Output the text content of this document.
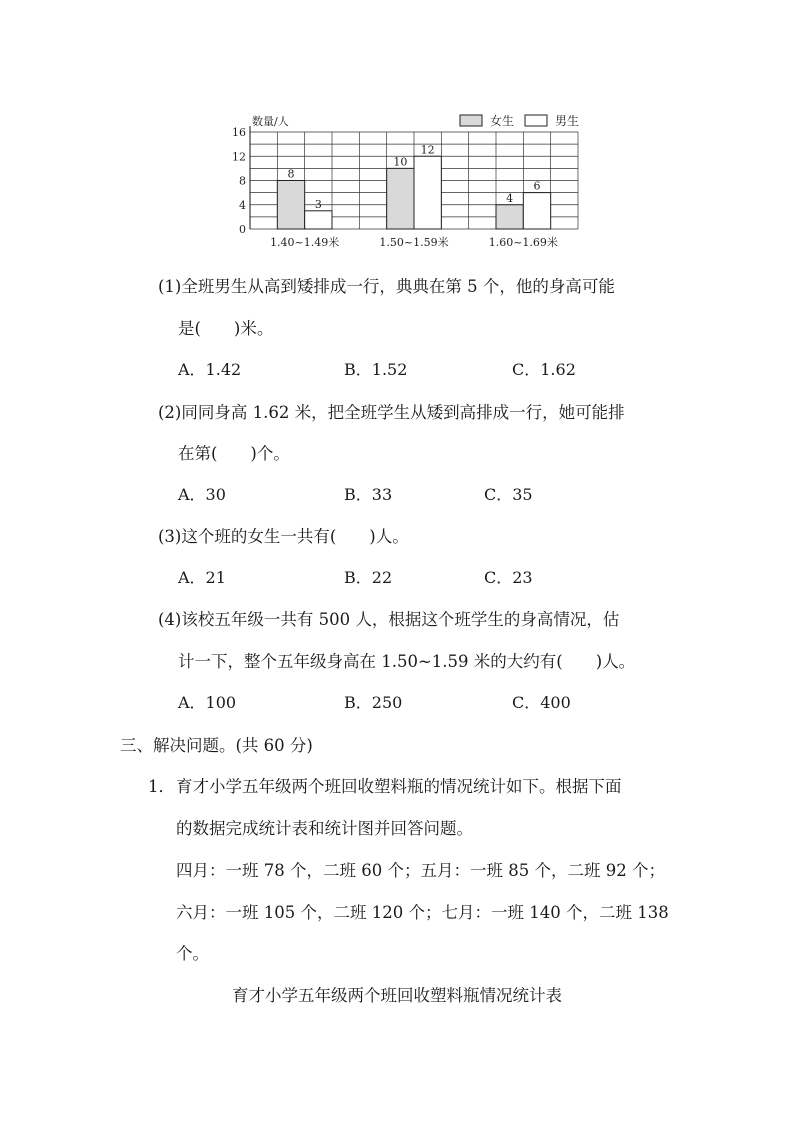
0
4
8
12
16
数量/人
8
3
1.40~1.49米
10
12
1.50~1.59米
4
6
1.60~1.69米
女生	男生
(1)全班男生从高到矮排成一行，典典在第 5 个，他的身高可能
是(　　)米。
A．1.42	B．1.52	C．1.62
(2)同同身高 1.62 米，把全班学生从矮到高排成一行，她可能排
在第(　　)个。
A．30	B．33	C．35
(3)这个班的女生一共有(　　)人。
A．21	B．22	C．23
(4)该校五年级一共有 500 人，根据这个班学生的身高情况，估
计一下，整个五年级身高在 1.50~1.59 米的大约有(　　)人。
A．100	B．250	C．400
三、解决问题。(共 60 分)
1． 育才小学五年级两个班回收塑料瓶的情况统计如下。根据下面
的数据完成统计表和统计图并回答问题。
四月：一班 78 个，二班 60 个；五月：一班 85 个，二班 92 个；
六月：一班 105 个，二班 120 个；七月：一班 140 个，二班 138
个。
育才小学五年级两个班回收塑料瓶情况统计表
